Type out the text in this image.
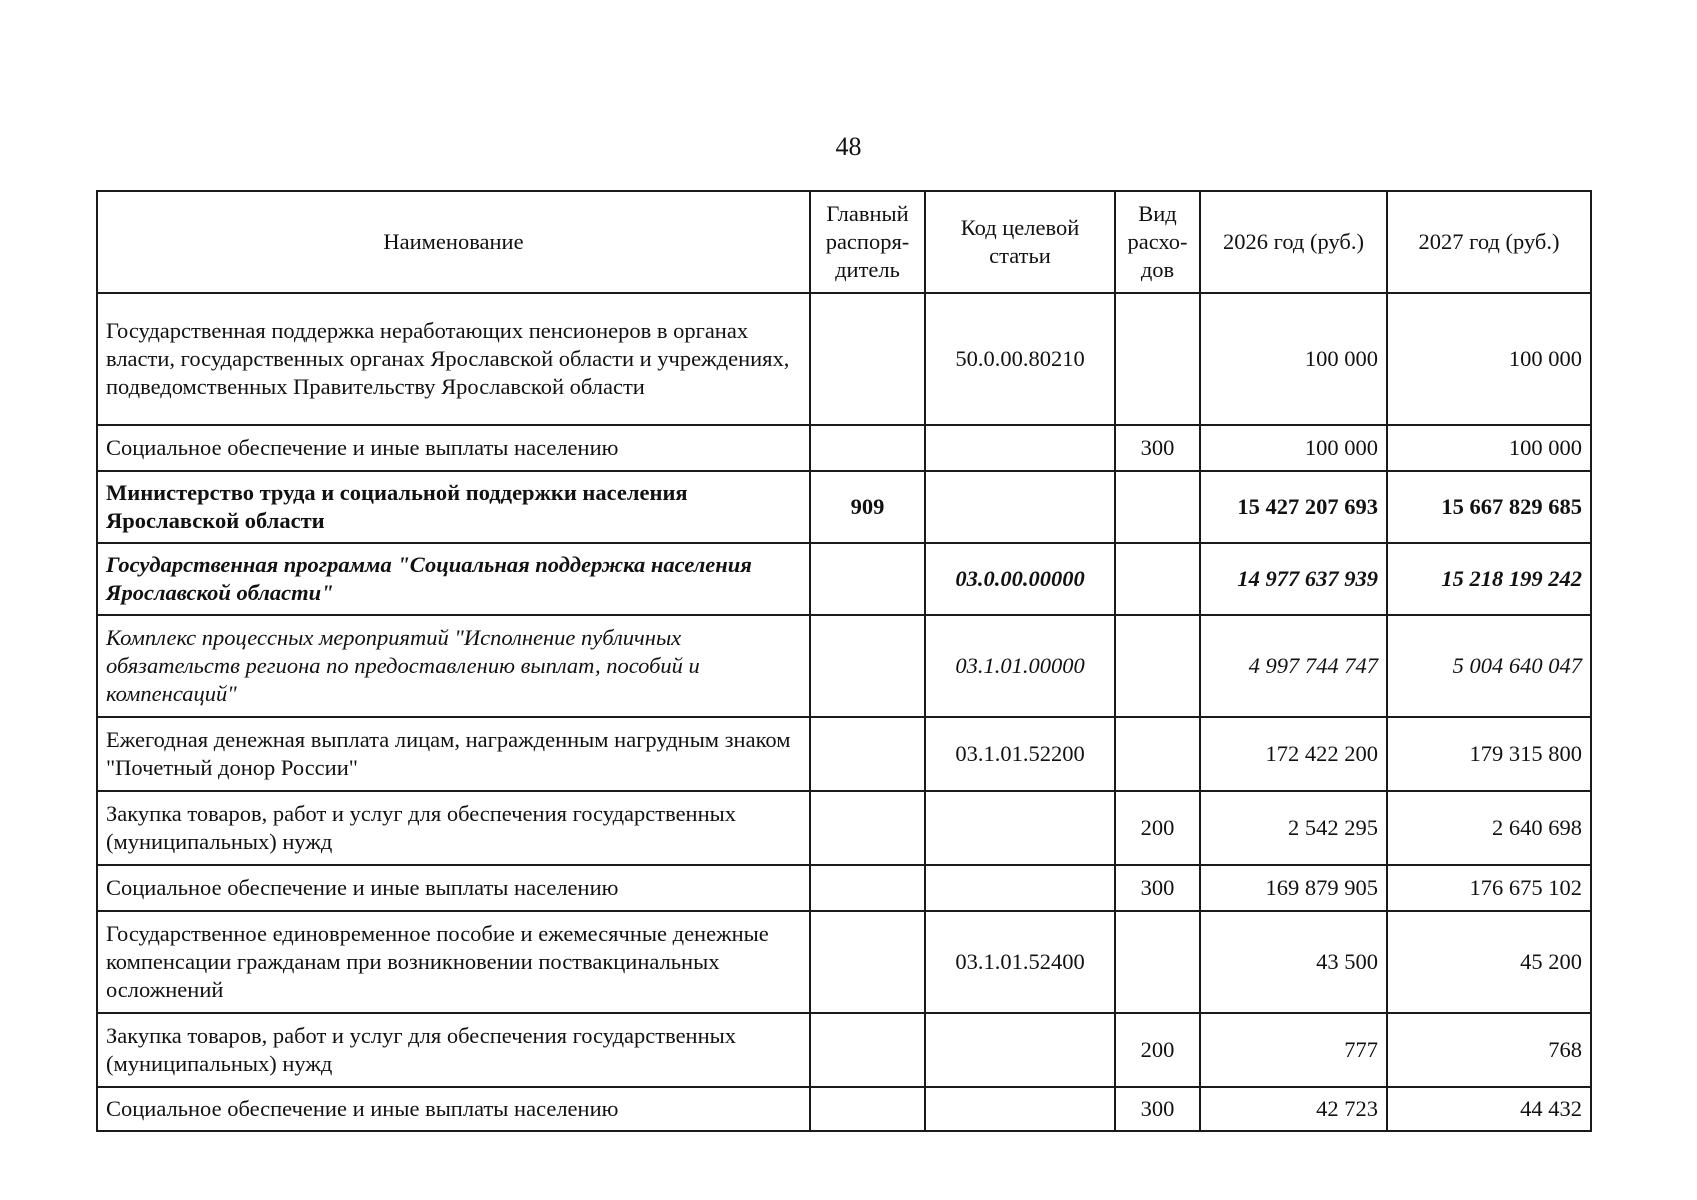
48
Наименование	Главный распоря-дитель	Код целевой статьи	Вид расхо-дов	2026 год (руб.)	2027 год (руб.)
Государственная поддержка неработающих пенсионеров в органах власти, государственных органах Ярославской области и учреждениях, подведомственных Правительству Ярославской области		50.0.00.80210		100 000	100 000
Социальное обеспечение и иные выплаты населению			300	100 000	100 000
Министерство труда и социальной поддержки населения Ярославской области	909			15 427 207 693	15 667 829 685
Государственная программа "Социальная поддержка населения Ярославской области"		03.0.00.00000		14 977 637 939	15 218 199 242
Комплекс процессных мероприятий "Исполнение публичных обязательств региона по предоставлению выплат, пособий и компенсаций"		03.1.01.00000		4 997 744 747	5 004 640 047
Ежегодная денежная выплата лицам, награжденным нагрудным знаком "Почетный донор России"		03.1.01.52200		172 422 200	179 315 800
Закупка товаров, работ и услуг для обеспечения государственных (муниципальных) нужд			200	2 542 295	2 640 698
Социальное обеспечение и иные выплаты населению			300	169 879 905	176 675 102
Государственное единовременное пособие и ежемесячные денежные компенсации гражданам при возникновении поствакцинальных осложнений		03.1.01.52400		43 500	45 200
Закупка товаров, работ и услуг для обеспечения государственных (муниципальных) нужд			200	777	768
Социальное обеспечение и иные выплаты населению			300	42 723	44 432
